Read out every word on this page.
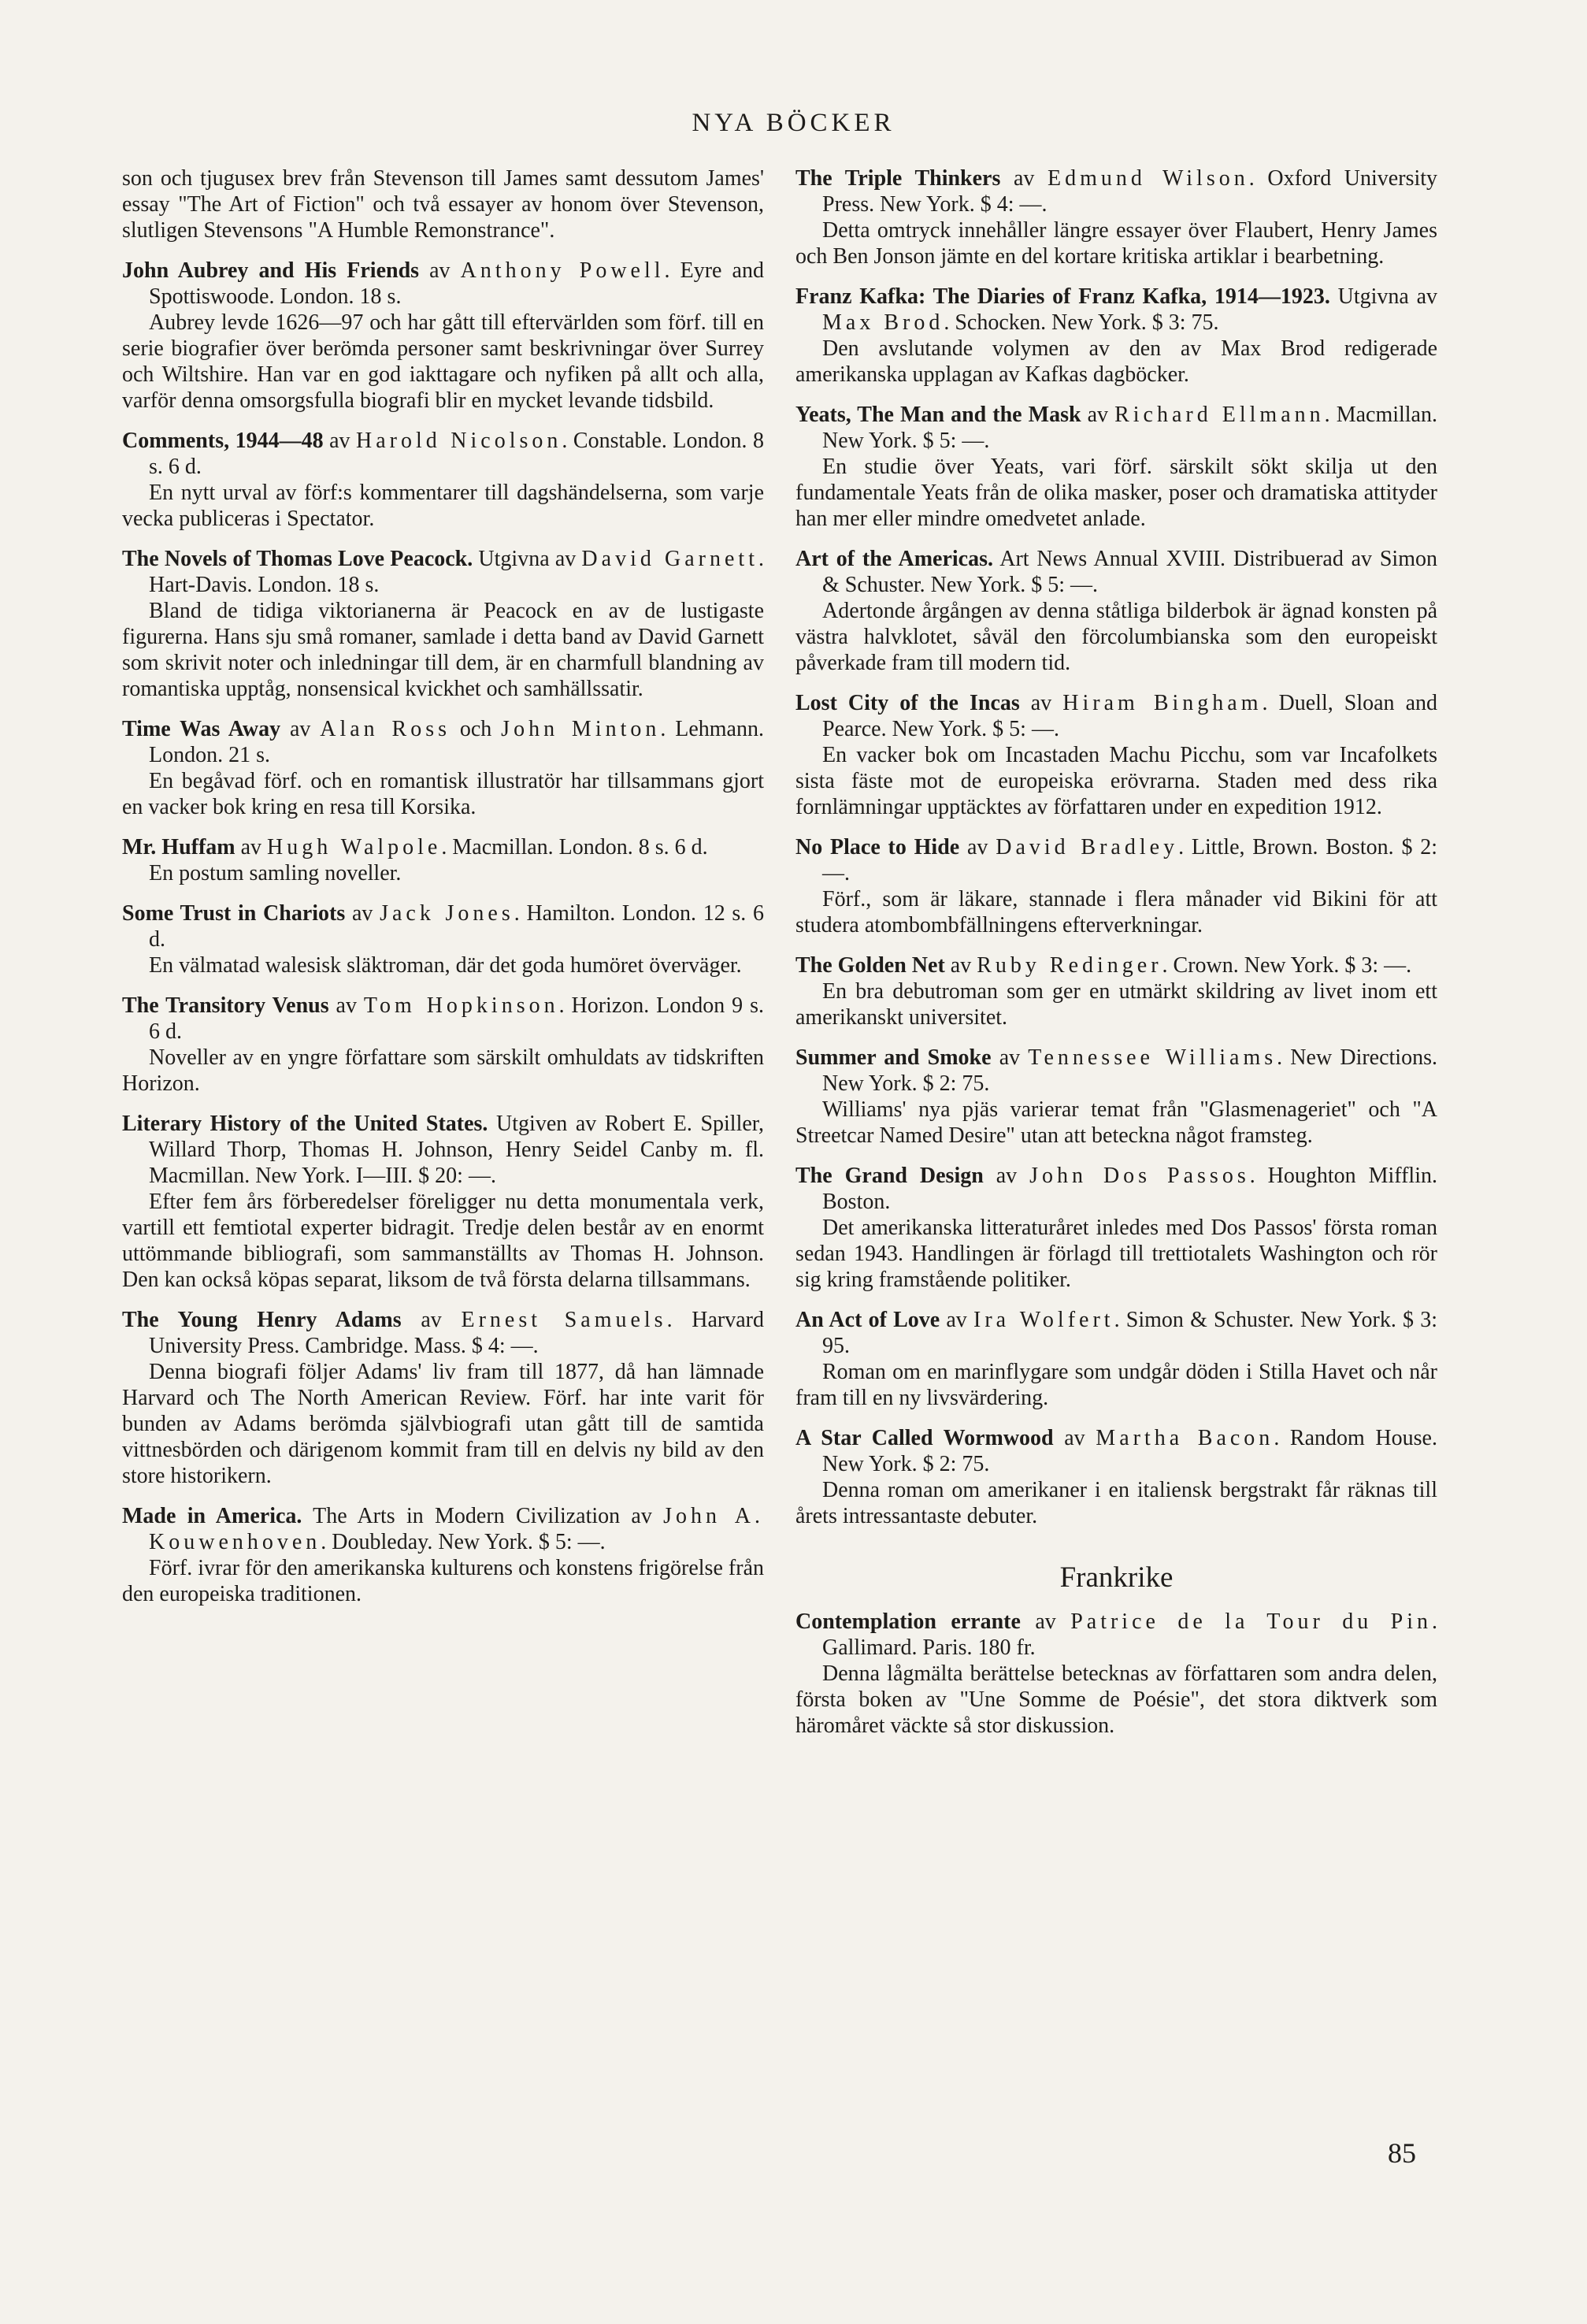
NYA BÖCKER
son och tjugusex brev från Stevenson till James samt dessutom James' essay "The Art of Fiction" och två essayer av honom över Stevenson, slutligen Stevensons "A Humble Remonstrance".
John Aubrey and His Friends av Anthony Powell. Eyre and Spottiswoode. London. 18 s.
Aubrey levde 1626—97 och har gått till eftervärlden som förf. till en serie biografier över berömda personer samt beskrivningar över Surrey och Wiltshire. Han var en god iakttagare och nyfiken på allt och alla, varför denna omsorgsfulla biografi blir en mycket levande tidsbild.
Comments, 1944—48 av Harold Nicolson. Constable. London. 8 s. 6 d.
En nytt urval av förf:s kommentarer till dagshändelserna, som varje vecka publiceras i Spectator.
The Novels of Thomas Love Peacock. Utgivna av David Garnett. Hart-Davis. London. 18 s.
Bland de tidiga viktorianerna är Peacock en av de lustigaste figurerna. Hans sju små romaner, samlade i detta band av David Garnett som skrivit noter och inledningar till dem, är en charmfull blandning av romantiska upptåg, nonsensical kvickhet och samhällssatir.
Time Was Away av Alan Ross och John Minton. Lehmann. London. 21 s.
En begåvad förf. och en romantisk illustratör har tillsammans gjort en vacker bok kring en resa till Korsika.
Mr. Huffam av Hugh Walpole. Macmillan. London. 8 s. 6 d.
En postum samling noveller.
Some Trust in Chariots av Jack Jones. Hamilton. London. 12 s. 6 d.
En välmatad walesisk släktroman, där det goda humöret överväger.
The Transitory Venus av Tom Hopkinson. Horizon. London 9 s. 6 d.
Noveller av en yngre författare som särskilt omhuldats av tidskriften Horizon.
Literary History of the United States. Utgiven av Robert E. Spiller, Willard Thorp, Thomas H. Johnson, Henry Seidel Canby m. fl. Macmillan. New York. I—III. $ 20: —.
Efter fem års förberedelser föreligger nu detta monumentala verk, vartill ett femtiotal experter bidragit. Tredje delen består av en enormt uttömmande bibliografi, som sammanställts av Thomas H. Johnson. Den kan också köpas separat, liksom de två första delarna tillsammans.
The Young Henry Adams av Ernest Samuels. Harvard University Press. Cambridge. Mass. $ 4: —.
Denna biografi följer Adams' liv fram till 1877, då han lämnade Harvard och The North American Review. Förf. har inte varit för bunden av Adams berömda självbiografi utan gått till de samtida vittnesbörden och därigenom kommit fram till en delvis ny bild av den store historikern.
Made in America. The Arts in Modern Civilization av John A. Kouwenhoven. Doubleday. New York. $ 5: —.
Förf. ivrar för den amerikanska kulturens och konstens frigörelse från den europeiska traditionen.
The Triple Thinkers av Edmund Wilson. Oxford University Press. New York. $ 4: —.
Detta omtryck innehåller längre essayer över Flaubert, Henry James och Ben Jonson jämte en del kortare kritiska artiklar i bearbetning.
Franz Kafka: The Diaries of Franz Kafka, 1914—1923. Utgivna av Max Brod. Schocken. New York. $ 3: 75.
Den avslutande volymen av den av Max Brod redigerade amerikanska upplagan av Kafkas dagböcker.
Yeats, The Man and the Mask av Richard Ellmann. Macmillan. New York. $ 5: —.
En studie över Yeats, vari förf. särskilt sökt skilja ut den fundamentale Yeats från de olika masker, poser och dramatiska attityder han mer eller mindre omedvetet anlade.
Art of the Americas. Art News Annual XVIII. Distribuerad av Simon & Schuster. New York. $ 5: —.
Adertonde årgången av denna ståtliga bilderbok är ägnad konsten på västra halvklotet, såväl den förcolumbianska som den europeiskt påverkade fram till modern tid.
Lost City of the Incas av Hiram Bingham. Duell, Sloan and Pearce. New York. $ 5: —.
En vacker bok om Incastaden Machu Picchu, som var Incafolkets sista fäste mot de europeiska erövrarna. Staden med dess rika fornlämningar upptäcktes av författaren under en expedition 1912.
No Place to Hide av David Bradley. Little, Brown. Boston. $ 2: —.
Förf., som är läkare, stannade i flera månader vid Bikini för att studera atombombfällningens efterverkningar.
The Golden Net av Ruby Redinger. Crown. New York. $ 3: —.
En bra debutroman som ger en utmärkt skildring av livet inom ett amerikanskt universitet.
Summer and Smoke av Tennessee Williams. New Directions. New York. $ 2: 75.
Williams' nya pjäs varierar temat från "Glasmenageriet" och "A Streetcar Named Desire" utan att beteckna något framsteg.
The Grand Design av John Dos Passos. Houghton Mifflin. Boston.
Det amerikanska litteraturåret inledes med Dos Passos' första roman sedan 1943. Handlingen är förlagd till trettiotalets Washington och rör sig kring framstående politiker.
An Act of Love av Ira Wolfert. Simon & Schuster. New York. $ 3: 95.
Roman om en marinflygare som undgår döden i Stilla Havet och når fram till en ny livsvärdering.
A Star Called Wormwood av Martha Bacon. Random House. New York. $ 2: 75.
Denna roman om amerikaner i en italiensk bergstrakt får räknas till årets intressantaste debuter.
Frankrike
Contemplation errante av Patrice de la Tour du Pin. Gallimard. Paris. 180 fr.
Denna lågmälta berättelse betecknas av författaren som andra delen, första boken av "Une Somme de Poésie", det stora diktverk som häromåret väckte så stor diskussion.
85
